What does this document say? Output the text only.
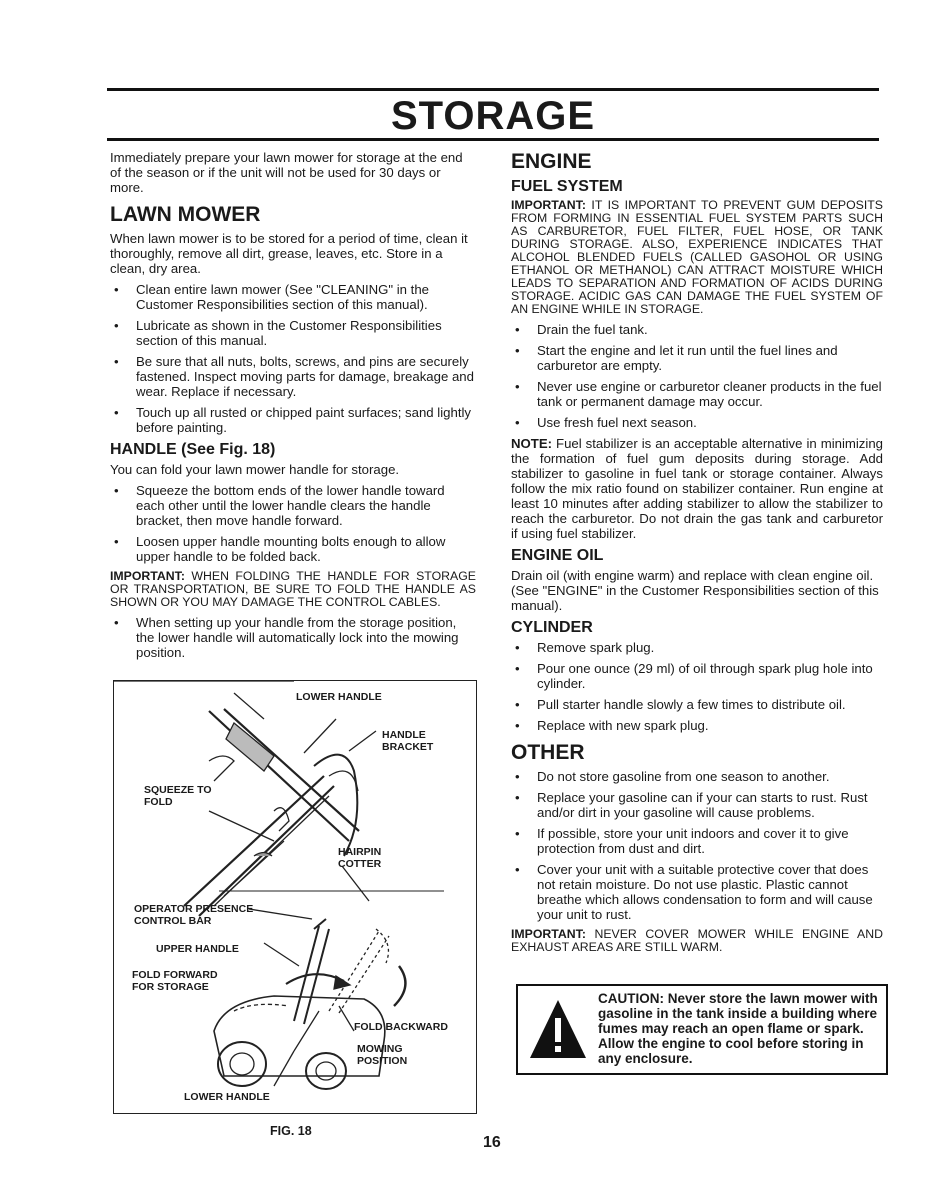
STORAGE

Immediately prepare your lawn mower for storage at the end of the season or if the unit will not be used for 30 days or more.

LAWN MOWER

When lawn mower is to be stored for a period of time, clean it thoroughly, remove all dirt, grease, leaves, etc. Store in a clean, dry area.

• Clean entire lawn mower (See "CLEANING" in the Customer Responsibilities section of this manual).
• Lubricate as shown in the Customer Responsibilities section of this manual.
• Be sure that all nuts, bolts, screws, and pins are securely fastened. Inspect moving parts for damage, breakage and wear. Replace if necessary.
• Touch up all rusted or chipped paint surfaces; sand lightly before painting.
HANDLE (See Fig. 18)

You can fold your lawn mower handle for storage.

• Squeeze the bottom ends of the lower handle toward each other until the lower handle clears the handle bracket, then move handle forward.
• Loosen upper handle mounting bolts enough to allow upper handle to be folded back.

IMPORTANT: WHEN FOLDING THE HANDLE FOR STORAGE OR TRANSPORTATION, BE SURE TO FOLD THE HANDLE AS SHOWN OR YOU MAY DAMAGE THE CONTROL CABLES.

• When setting up your handle from the storage position, the lower handle will automatically lock into the mowing position.
LOWER HANDLE
HANDLE
BRACKET
SQUEEZE TO
FOLD
HAIRPIN
COTTER
OPERATOR PRESENCE
CONTROL BAR
UPPER HANDLE
FOLD FORWARD
FOR STORAGE
FOLD BACKWARD
MOWING
POSITION
LOWER HANDLE
FIG. 18
ENGINE
FUEL SYSTEM

IMPORTANT: IT IS IMPORTANT TO PREVENT GUM DEPOSITS FROM FORMING IN ESSENTIAL FUEL SYSTEM PARTS SUCH AS CARBURETOR, FUEL FILTER, FUEL HOSE, OR TANK DURING STORAGE. ALSO, EXPERIENCE INDICATES THAT ALCOHOL BLENDED FUELS (CALLED GASOHOL OR USING ETHANOL OR METHANOL) CAN ATTRACT MOISTURE WHICH LEADS TO SEPARATION AND FORMATION OF ACIDS DURING STORAGE. ACIDIC GAS CAN DAMAGE THE FUEL SYSTEM OF AN ENGINE WHILE IN STORAGE.

• Drain the fuel tank.
• Start the engine and let it run until the fuel lines and carburetor are empty.
• Never use engine or carburetor cleaner products in the fuel tank or permanent damage may occur.
• Use fresh fuel next season.

NOTE: Fuel stabilizer is an acceptable alternative in minimizing the formation of fuel gum deposits during storage. Add stabilizer to gasoline in fuel tank or storage container. Always follow the mix ratio found on stabilizer container. Run engine at least 10 minutes after adding stabilizer to allow the stabilizer to reach the carburetor. Do not drain the gas tank and carburetor if using fuel stabilizer.

ENGINE OIL

Drain oil (with engine warm) and replace with clean engine oil. (See "ENGINE" in the Customer Responsibilities section of this manual).

CYLINDER
• Remove spark plug.
• Pour one ounce (29 ml) of oil through spark plug hole into cylinder.
• Pull starter handle slowly a few times to distribute oil.
• Replace with new spark plug.
OTHER
• Do not store gasoline from one season to another.
• Replace your gasoline can if your can starts to rust. Rust and/or dirt in your gasoline will cause problems.
• If possible, store your unit indoors and cover it to give protection from dust and dirt.
• Cover your unit with a suitable protective cover that does not retain moisture. Do not use plastic. Plastic cannot breathe which allows condensation to form and will cause your unit to rust.

IMPORTANT: NEVER COVER MOWER WHILE ENGINE AND EXHAUST AREAS ARE STILL WARM.

CAUTION: Never store the lawn mower with gasoline in the tank inside a building where fumes may reach an open flame or spark. Allow the engine to cool before storing in any enclosure.
16
